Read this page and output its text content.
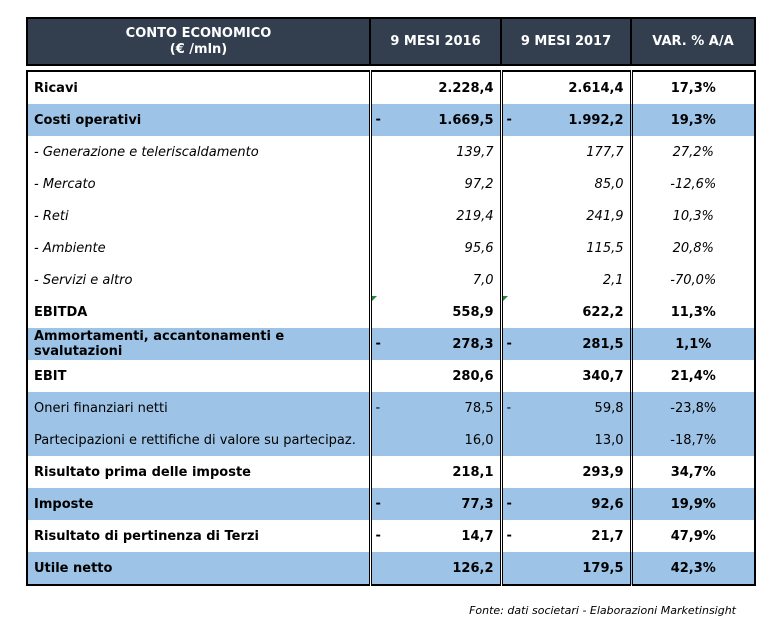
CONTO ECONOMICO
(€ /mln)	9 MESI 2016	9 MESI 2017	VAR. % A/A

Ricavi	2.228,4	2.614,4	17,3%
Costi operativi	- 1.669,5	- 1.992,2	19,3%
- Generazione e teleriscaldamento	139,7	177,7	27,2%
- Mercato	97,2	85,0	-12,6%
- Reti	219,4	241,9	10,3%
- Ambiente	95,6	115,5	20,8%
- Servizi e altro	7,0	2,1	-70,0%
EBITDA	558,9	622,2	11,3%
Ammortamenti, accantonamenti e svalutazioni	- 278,3	- 281,5	1,1%
EBIT	280,6	340,7	21,4%
Oneri finanziari netti	- 78,5	- 59,8	-23,8%
Partecipazioni e rettifiche di valore su partecipaz.	16,0	13,0	-18,7%
Risultato prima delle imposte	218,1	293,9	34,7%
Imposte	- 77,3	- 92,6	19,9%
Risultato di pertinenza di Terzi	- 14,7	- 21,7	47,9%
Utile netto	126,2	179,5	42,3%
Fonte: dati societari - Elaborazioni Marketinsight
